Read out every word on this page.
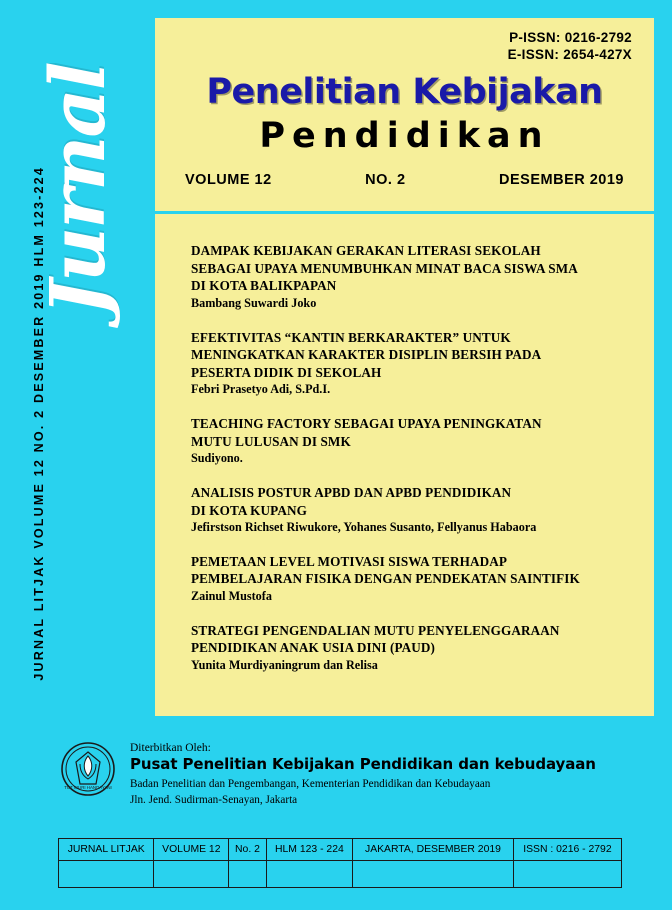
JURNAL LITJAK VOLUME 12 NO. 2 DESEMBER 2019 HLM 123-224
Jurnal
P-ISSN: 0216-2792
E-ISSN: 2654-427X
Penelitian Kebijakan
Pendidikan
VOLUME 12	NO. 2	DESEMBER 2019
DAMPAK KEBIJAKAN GERAKAN LITERASI SEKOLAH
SEBAGAI UPAYA MENUMBUHKAN MINAT BACA SISWA SMA
DI KOTA BALIKPAPAN
Bambang Suwardi Joko
EFEKTIVITAS “KANTIN BERKARAKTER” UNTUK
MENINGKATKAN KARAKTER DISIPLIN BERSIH PADA
PESERTA DIDIK DI SEKOLAH
Febri Prasetyo Adi, S.Pd.I.
TEACHING FACTORY SEBAGAI UPAYA PENINGKATAN
MUTU LULUSAN DI SMK
Sudiyono.
ANALISIS POSTUR APBD DAN APBD PENDIDIKAN
DI KOTA KUPANG
Jefirstson Richset Riwukore, Yohanes Susanto, Fellyanus Habaora
PEMETAAN LEVEL MOTIVASI SISWA TERHADAP
PEMBELAJARAN FISIKA DENGAN PENDEKATAN SAINTIFIK
Zainul Mustofa
STRATEGI PENGENDALIAN MUTU PENYELENGGARAAN
PENDIDIKAN ANAK USIA DINI (PAUD)
Yunita Murdiyaningrum dan Relisa
TUT WURI HANDAYANI
Diterbitkan Oleh:
Pusat Penelitian Kebijakan Pendidikan dan kebudayaan
Badan Penelitian dan Pengembangan, Kementerian Pendidikan dan Kebudayaan
Jln. Jend. Sudirman-Senayan, Jakarta
JURNAL LITJAK	VOLUME 12	No. 2	HLM 123 - 224	JAKARTA, DESEMBER 2019	ISSN : 0216 - 2792
